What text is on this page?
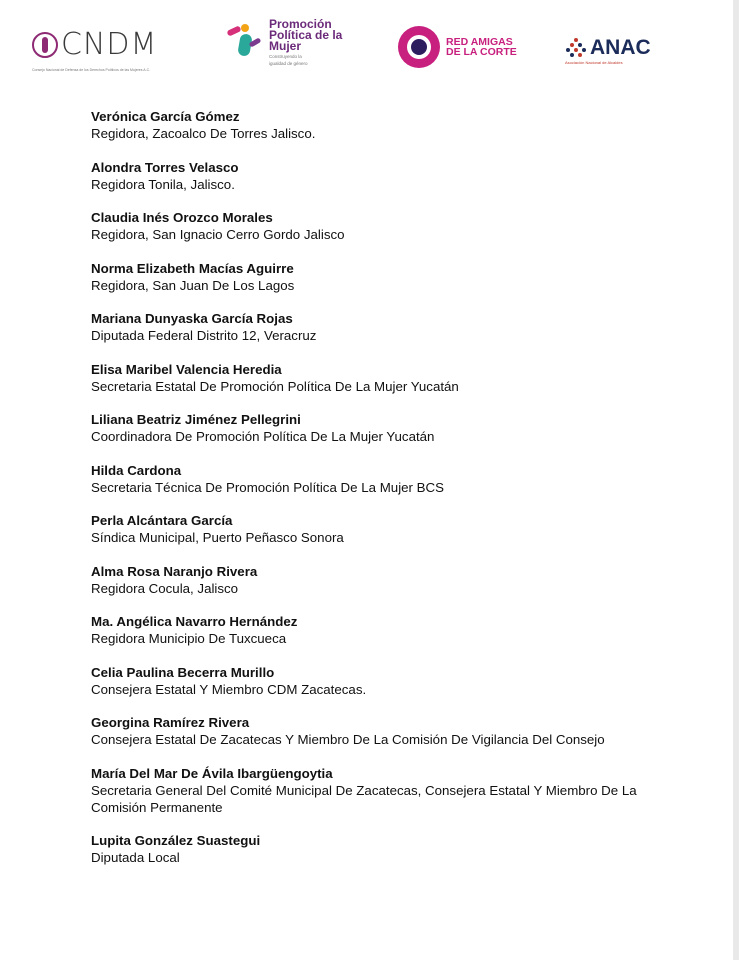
CNDM
Consejo Nacional de Defensa de los Derechos Políticos de las Mujeres A.C.
Promoción
Política de la
Mujer
Construyendo la
igualdad de género
RED AMIGAS
DE LA CORTE	ANAC
Asociación Nacional de Alcaldes
Verónica García Gómez
Regidora, Zacoalco De Torres Jalisco.
Alondra Torres Velasco
Regidora Tonila, Jalisco.
Claudia Inés Orozco Morales
Regidora, San Ignacio Cerro Gordo Jalisco
Norma Elizabeth Macías Aguirre
Regidora, San Juan De Los Lagos
Mariana Dunyaska García Rojas
Diputada Federal Distrito 12, Veracruz
Elisa Maribel Valencia Heredia
Secretaria Estatal De Promoción Política De La Mujer Yucatán
Liliana Beatriz Jiménez Pellegrini
Coordinadora De Promoción Política De La Mujer Yucatán
Hilda Cardona
Secretaria Técnica De Promoción Política De La Mujer BCS
Perla Alcántara García
Síndica Municipal, Puerto Peñasco Sonora
Alma Rosa Naranjo Rivera
Regidora Cocula, Jalisco
Ma. Angélica Navarro Hernández
Regidora Municipio De Tuxcueca
Celia Paulina Becerra Murillo
Consejera Estatal Y Miembro CDM Zacatecas.
Georgina Ramírez Rivera
Consejera Estatal De Zacatecas Y Miembro De La Comisión De Vigilancia Del Consejo
María Del Mar De Ávila Ibargüengoytia
Secretaria General Del Comité Municipal De Zacatecas, Consejera Estatal Y Miembro De La Comisión Permanente
Lupita González Suastegui
Diputada Local
